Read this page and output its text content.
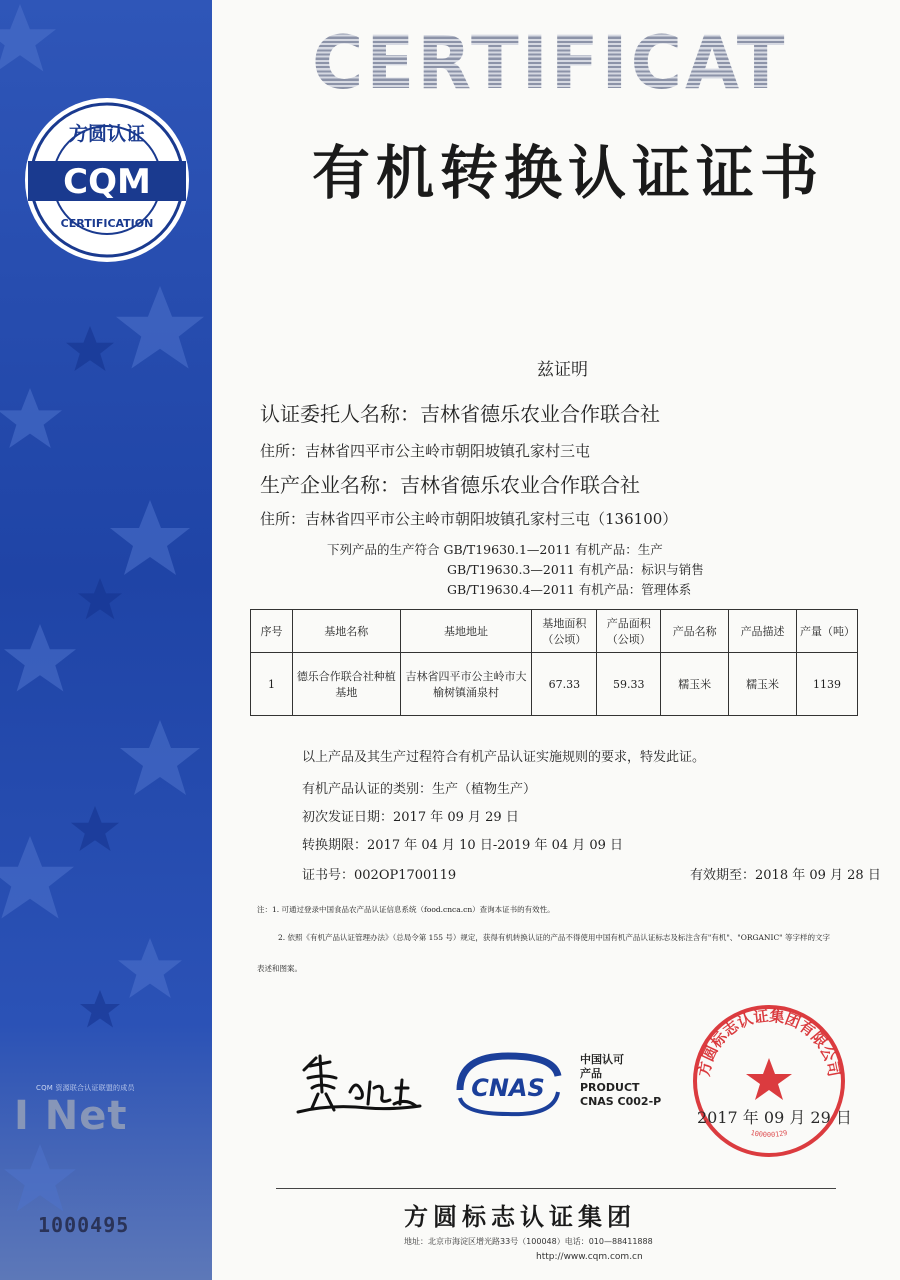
方圆认证
CQM
CERTIFICATION
CQM 资源联合认证联盟的成员
I Net
1000495
CERTIFICATE
有机转换认证证书
兹证明
认证委托人名称：吉林省德乐农业合作联合社
住所：吉林省四平市公主岭市朝阳坡镇孔家村三屯
生产企业名称：吉林省德乐农业合作联合社
住所：吉林省四平市公主岭市朝阳坡镇孔家村三屯（136100）
下列产品的生产符合 GB/T19630.1—2011 有机产品：生产
GB/T19630.3—2011 有机产品：标识与销售
GB/T19630.4—2011 有机产品：管理体系
序号	基地名称	基地地址	基地面积（公顷）	产品面积（公顷）	产品名称	产品描述	产量（吨）
1	德乐合作联合社种植基地	吉林省四平市公主岭市大榆树镇涌泉村	67.33	59.33	糯玉米	糯玉米	1139
以上产品及其生产过程符合有机产品认证实施规则的要求，特发此证。
有机产品认证的类别：生产（植物生产）
初次发证日期：2017 年 09 月 29 日
转换期限：2017 年 04 月 10 日-2019 年 04 月 09 日
证书号：002OP1700119	有效期至：2018 年 09 月 28 日
注：1. 可通过登录中国食品农产品认证信息系统（food.cnca.cn）查询本证书的有效性。
2. 依照《有机产品认证管理办法》（总局令第 155 号）规定，获得有机转换认证的产品不得使用中国有机产品认证标志及标注含有"有机"、"ORGANIC" 等字样的文字
表述和图案。
CNAS
中国认可
产品
PRODUCT
CNAS C002-P
方圆标志认证集团有限公司
100000129
2017 年 09 月 29 日
方圆标志认证集团
地址：北京市海淀区增光路33号（100048）电话：010—88411888
http://www.cqm.com.cn
